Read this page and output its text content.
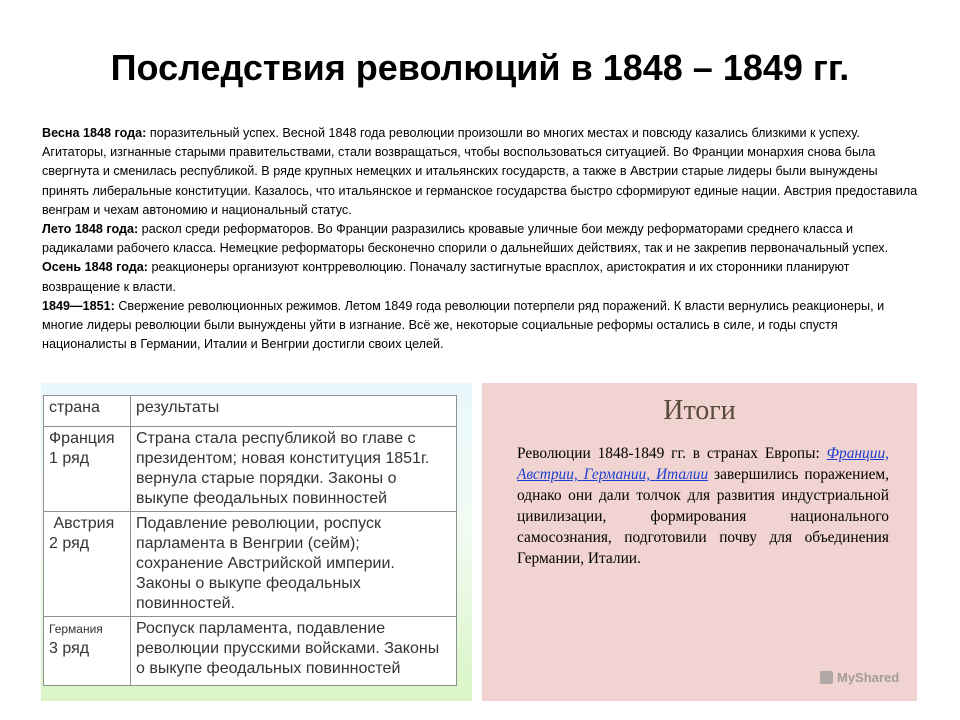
Последствия революций в 1848 – 1849 гг.

Весна 1848 года: поразительный успех. Весной 1848 года революции произошли во многих местах и повсюду казались близкими к успеху. Агитаторы, изгнанные старыми правительствами, стали возвращаться, чтобы воспользоваться ситуацией. Во Франции монархия снова была свергнута и сменилась республикой. В ряде крупных немецких и итальянских государств, а также в Австрии старые лидеры были вынуждены принять либеральные конституции. Казалось, что итальянское и германское государства быстро сформируют единые нации. Австрия предоставила венграм и чехам автономию и национальный статус.

Лето 1848 года: раскол среди реформаторов. Во Франции разразились кровавые уличные бои между реформаторами среднего класса и радикалами рабочего класса. Немецкие реформаторы бесконечно спорили о дальнейших действиях, так и не закрепив первоначальный успех.

Осень 1848 года: реакционеры организуют контрреволюцию. Поначалу застигнутые врасплох, аристократия и их сторонники планируют возвращение к власти.

1849—1851: Свержение революционных режимов. Летом 1849 года революции потерпели ряд поражений. К власти вернулись реакционеры, и многие лидеры революции были вынуждены уйти в изгнание. Всё же, некоторые социальные реформы остались в силе, и годы спустя националисты в Германии, Италии и Венгрии достигли своих целей.

страна	результаты

Франция
1 ряд	Страна стала республикой во главе с президентом; новая конституция 1851г. вернула старые порядки. Законы о выкупе феодальных повинностей

Австрия
2 ряд	Подавление революции, роспуск парламента в Венгрии (сейм); сохранение Австрийской империи. Законы о выкупе феодальных повинностей.

Германия
3 ряд	Роспуск парламента, подавление революции прусскими войсками. Законы о выкупе феодальных повинностей
Итоги
Революции 1848-1849 гг. в странах Европы: Франции, Австрии, Германии, Италии завершились поражением, однако они дали толчок для развития индустриальной цивилизации, формирования национального самосознания, подготовили почву для объединения Германии, Италии.
MyShared
